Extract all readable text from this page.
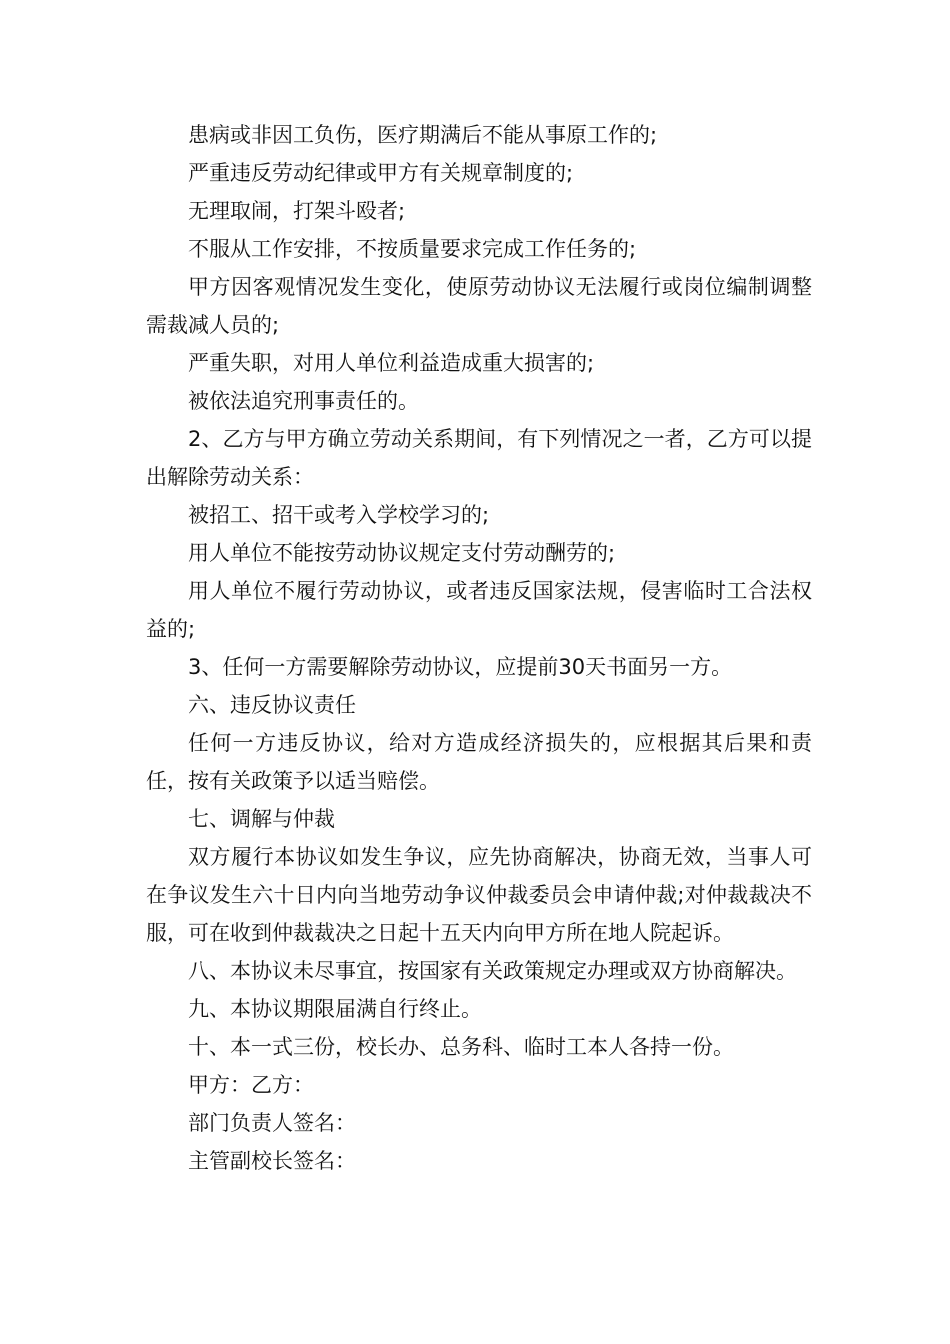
患病或非因工负伤，医疗期满后不能从事原工作的;

严重违反劳动纪律或甲方有关规章制度的;

无理取闹，打架斗殴者;

不服从工作安排，不按质量要求完成工作任务的;

甲方因客观情况发生变化，使原劳动协议无法履行或岗位编制调整需裁减人员的;

严重失职，对用人单位利益造成重大损害的;

被依法追究刑事责任的。

2、乙方与甲方确立劳动关系期间，有下列情况之一者，乙方可以提出解除劳动关系：

被招工、招干或考入学校学习的;

用人单位不能按劳动协议规定支付劳动酬劳的;

用人单位不履行劳动协议，或者违反国家法规，侵害临时工合法权益的;

3、任何一方需要解除劳动协议，应提前30天书面另一方。

六、违反协议责任

任何一方违反协议，给对方造成经济损失的，应根据其后果和责任，按有关政策予以适当赔偿。

七、调解与仲裁

双方履行本协议如发生争议，应先协商解决，协商无效，当事人可在争议发生六十日内向当地劳动争议仲裁委员会申请仲裁;对仲裁裁决不服，可在收到仲裁裁决之日起十五天内向甲方所在地人院起诉。

八、本协议未尽事宜，按国家有关政策规定办理或双方协商解决。

九、本协议期限届满自行终止。

十、本一式三份，校长办、总务科、临时工本人各持一份。

甲方：乙方：

部门负责人签名：

主管副校长签名：
